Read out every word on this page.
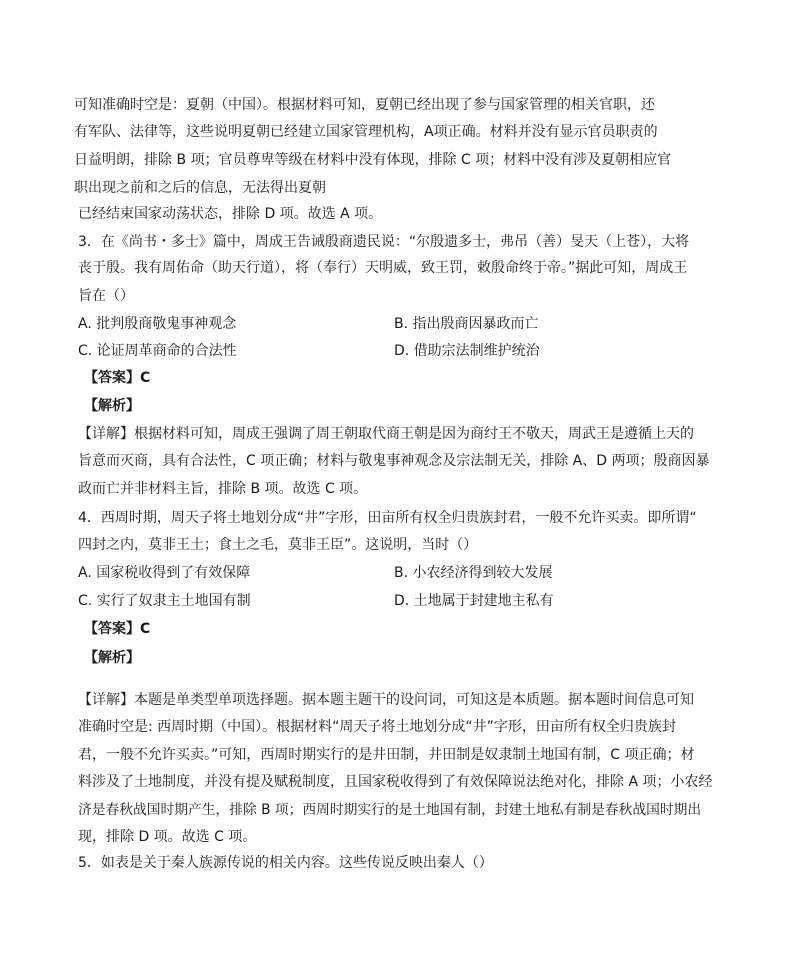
可知准确时空是：夏朝（中国）。根据材料可知，夏朝已经出现了参与国家管理的相关官职，还
有军队、法律等，这些说明夏朝已经建立国家管理机构，A项正确。材料并没有显示官员职责的
日益明朗，排除 B 项；官员尊卑等级在材料中没有体现，排除 C 项；材料中没有涉及夏朝相应官
职出现之前和之后的信息，无法得出夏朝
已经结束国家动荡状态，排除 D 项。故选 A 项。
3．在《尚书・多士》篇中，周成王告诫殷商遗民说：“尔殷遗多士，弗吊（善）旻天（上苍），大将
丧于殷。我有周佑命（助天行道），将（奉行）天明威，致王罚，敕殷命终于帝。”据此可知，周成王
旨在（）
A. 批判殷商敬鬼事神观念	B. 指出殷商因暴政而亡
C. 论证周革商命的合法性	D. 借助宗法制维护统治
【答案】C
【解析】
【详解】根据材料可知，周成王强调了周王朝取代商王朝是因为商纣王不敬天，周武王是遵循上天的
旨意而灭商，具有合法性，C 项正确；材料与敬鬼事神观念及宗法制无关，排除 A、D 两项；殷商因暴
政而亡并非材料主旨，排除 B 项。故选 C 项。
4．西周时期，周天子将土地划分成“井”字形，田亩所有权全归贵族封君，一般不允许买卖。即所谓“
四封之内，莫非王土；食土之毛，莫非王臣”。这说明，当时（）
A. 国家税收得到了有效保障	B. 小农经济得到较大发展
C. 实行了奴隶主土地国有制	D. 土地属于封建地主私有
【答案】C
【解析】
【详解】本题是单类型单项选择题。据本题主题干的设问词，可知这是本质题。据本题时间信息可知
准确时空是: 西周时期（中国）。根据材料“周天子将土地划分成“井”字形，田亩所有权全归贵族封
君，一般不允许买卖。”可知，西周时期实行的是井田制，井田制是奴隶制土地国有制，C 项正确；材
料涉及了土地制度，并没有提及赋税制度，且国家税收得到了有效保障说法绝对化，排除 A 项；小农经
济是春秋战国时期产生，排除 B 项；西周时期实行的是土地国有制，封建土地私有制是春秋战国时期出
现，排除 D 项。故选 C 项。
5．如表是关于秦人族源传说的相关内容。这些传说反映出秦人（）
